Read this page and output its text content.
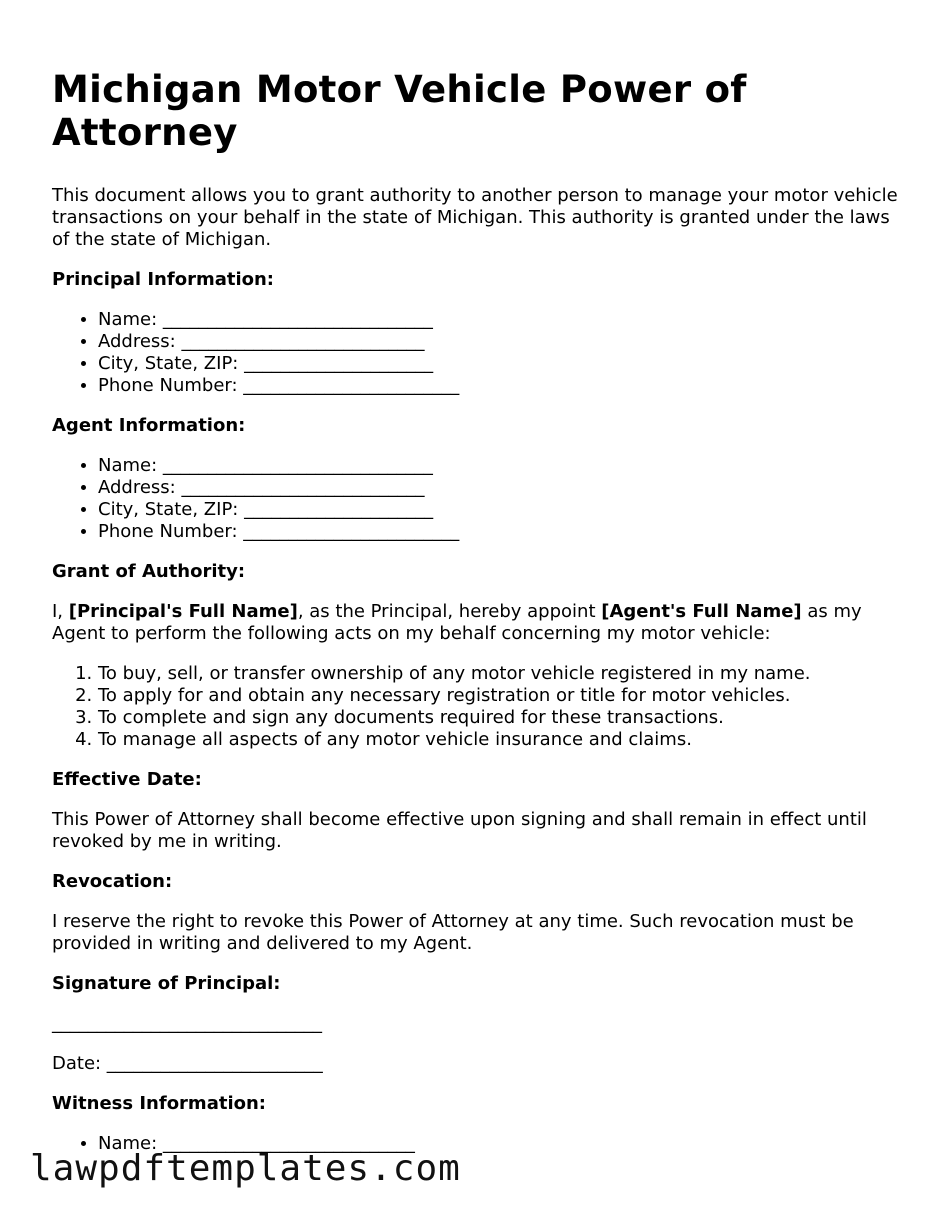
Michigan Motor Vehicle Power of Attorney

This document allows you to grant authority to another person to manage your motor vehicle transactions on your behalf in the state of Michigan. This authority is granted under the laws of the state of Michigan.

Principal Information:

• Name: ______________________________
• Address: ___________________________
• City, State, ZIP: _____________________
• Phone Number: ________________________

Agent Information:

• Name: ______________________________
• Address: ___________________________
• City, State, ZIP: _____________________
• Phone Number: ________________________

Grant of Authority:

I, [Principal's Full Name], as the Principal, hereby appoint [Agent's Full Name] as my Agent to perform the following acts on my behalf concerning my motor vehicle:

1. To buy, sell, or transfer ownership of any motor vehicle registered in my name.
2. To apply for and obtain any necessary registration or title for motor vehicles.
3. To complete and sign any documents required for these transactions.
4. To manage all aspects of any motor vehicle insurance and claims.

Effective Date:

This Power of Attorney shall become effective upon signing and shall remain in effect until revoked by me in writing.

Revocation:

I reserve the right to revoke this Power of Attorney at any time. Such revocation must be provided in writing and delivered to my Agent.

Signature of Principal:

______________________________

Date: ________________________

Witness Information:

• Name: ____________________________
lawpdftemplates.com
